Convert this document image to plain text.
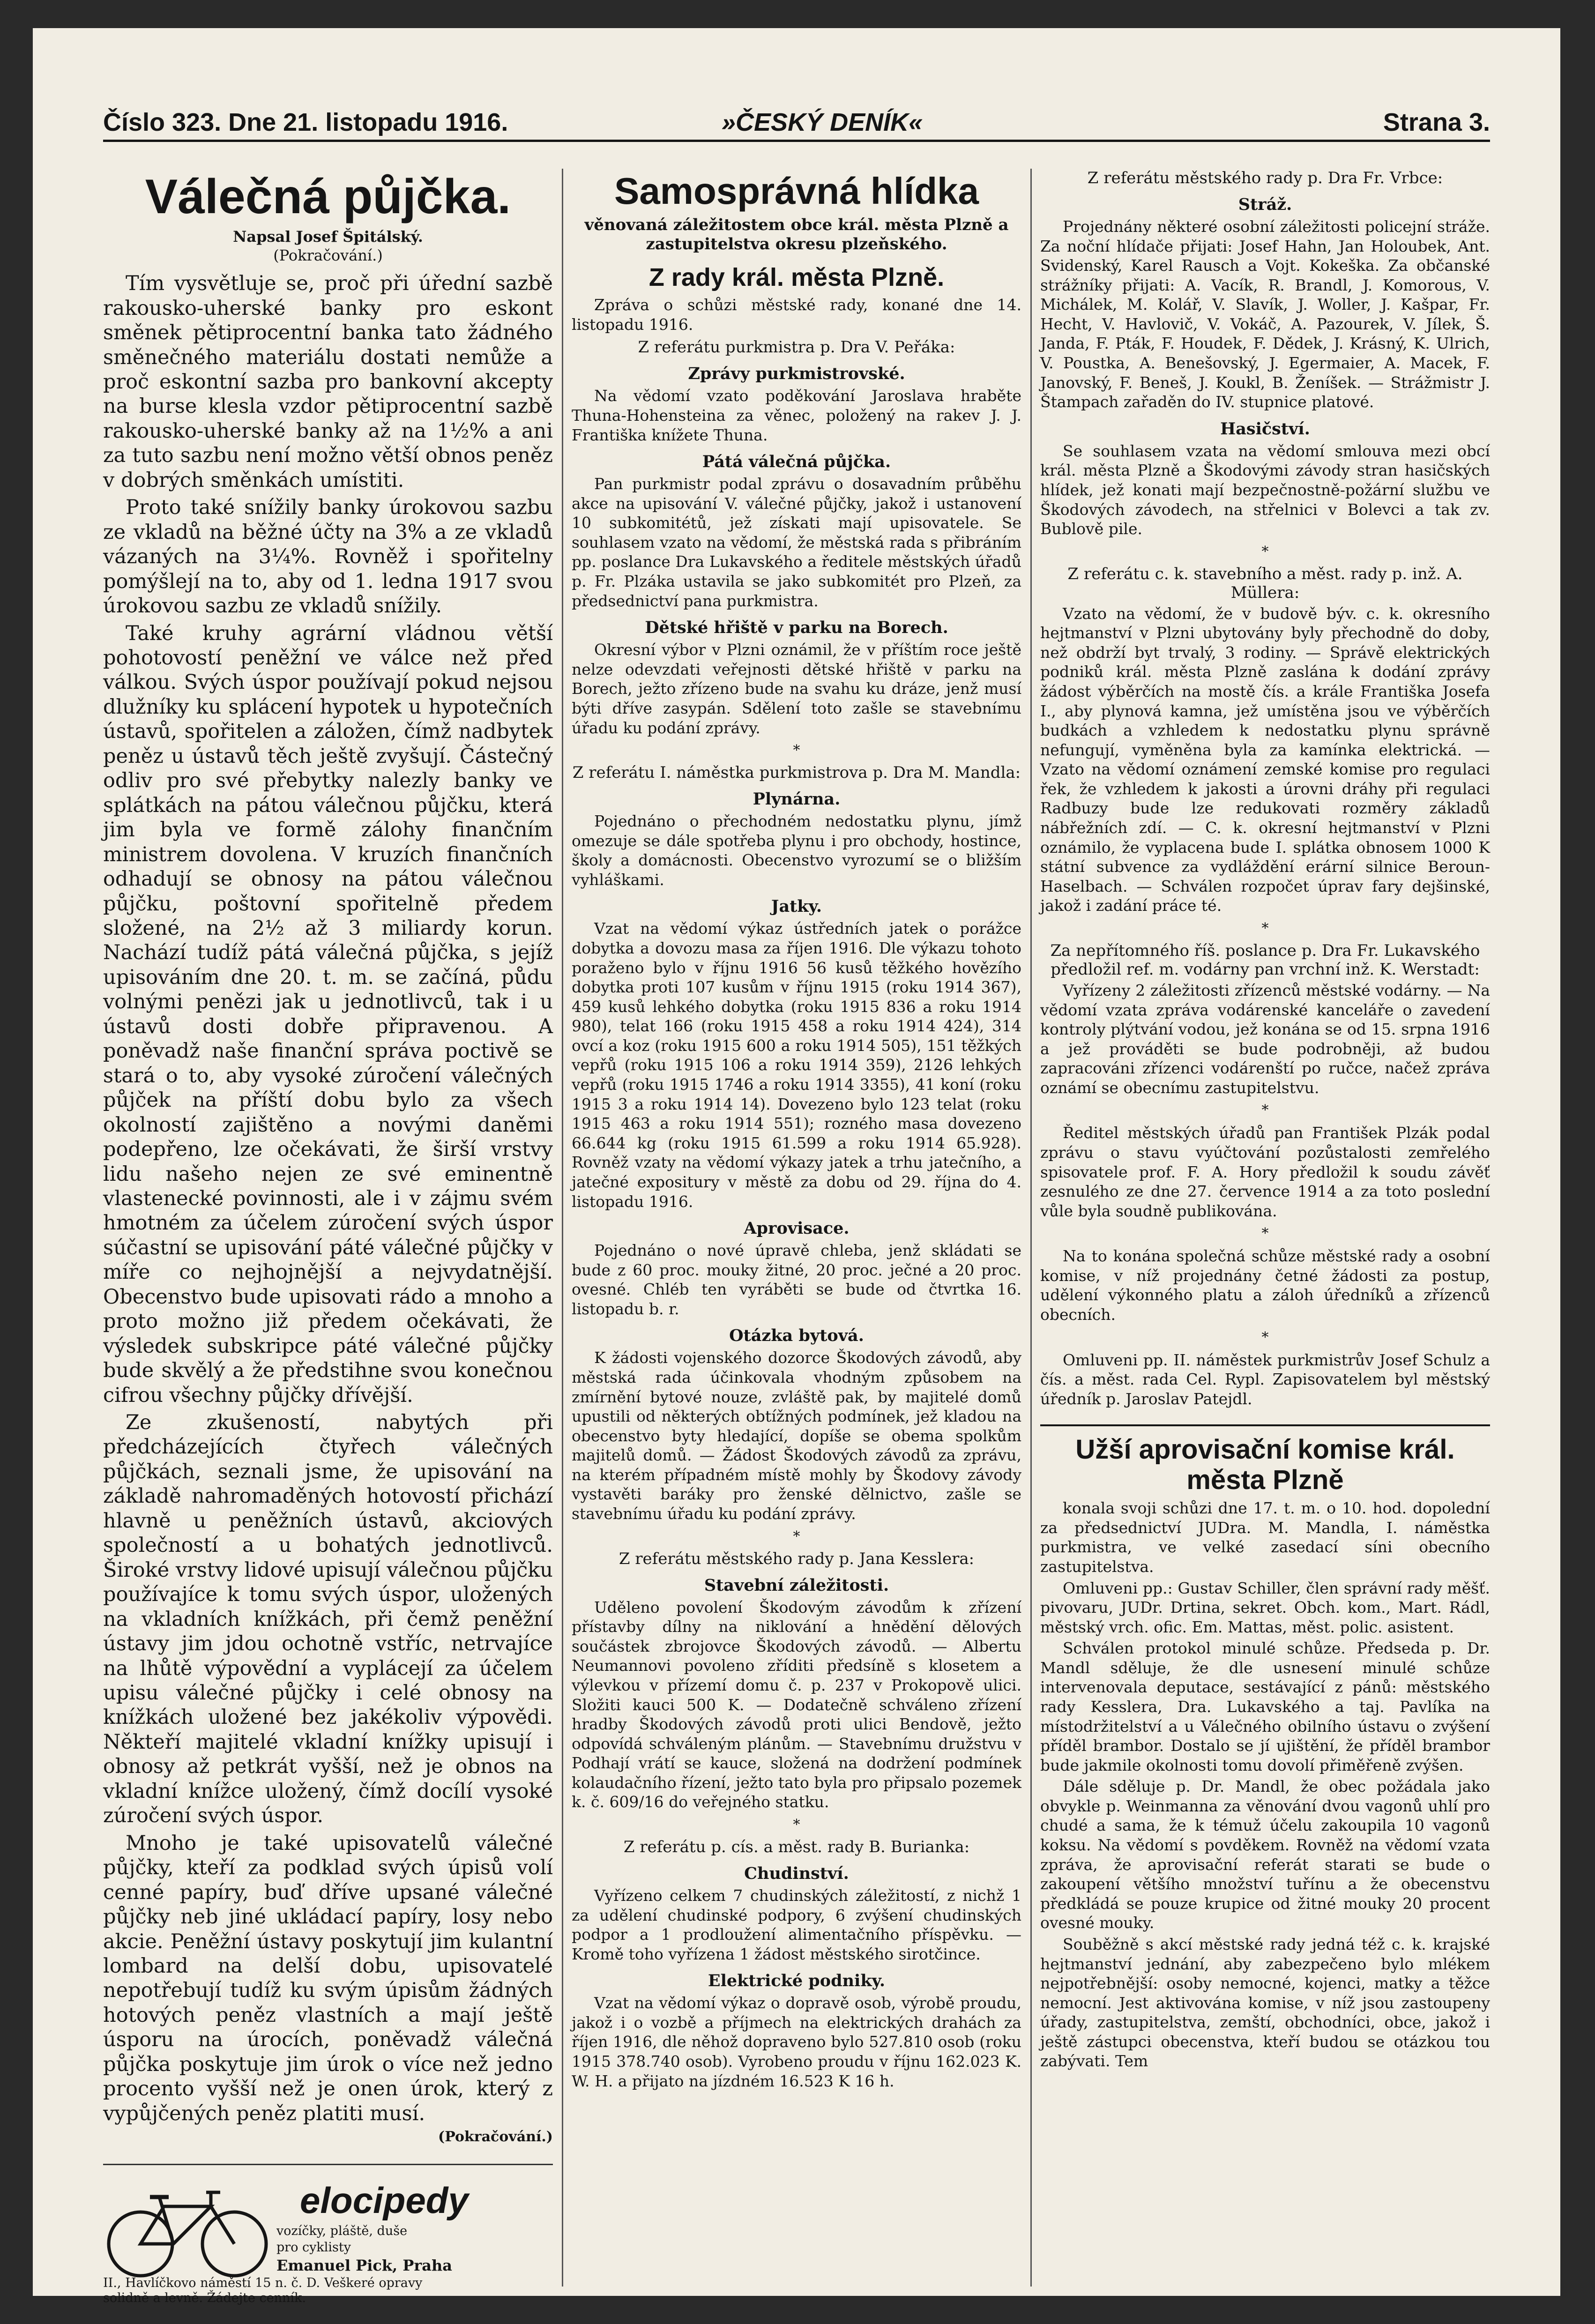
Číslo 323. Dne 21. listopadu 1916.	»ČESKÝ DENÍK«	Strana 3.
Válečná půjčka.
Napsal Josef Špitálský.
(Pokračování.)

Tím vysvětluje se, proč při úřední sazbě rakousko-uherské banky pro eskont směnek pětiprocentní banka tato žádného směnečného materiálu dostati nemůže a proč eskontní sazba pro bankovní akcepty na burse klesla vzdor pětiprocentní sazbě rakousko-uherské banky až na 1½% a ani za tuto sazbu není možno větší obnos peněz v dobrých směnkách umístiti.

Proto také snížily banky úrokovou sazbu ze vkladů na běžné účty na 3% a ze vkladů vázaných na 3¼%. Rovněž i spořitelny pomýšlejí na to, aby od 1. ledna 1917 svou úrokovou sazbu ze vkladů snížily.

Také kruhy agrární vládnou větší pohotovostí peněžní ve válce než před válkou. Svých úspor používají pokud nejsou dlužníky ku splácení hypotek u hypotečních ústavů, spořitelen a záložen, čímž nadbytek peněz u ústavů těch ještě zvyšují. Částečný odliv pro své přebytky nalezly banky ve splátkách na pátou válečnou půjčku, která jim byla ve formě zálohy finančním ministrem dovolena. V kruzích finančních odhadují se obnosy na pátou válečnou půjčku, poštovní spořitelně předem složené, na 2½ až 3 miliardy korun. Nachází tudíž pátá válečná půjčka, s jejíž upisováním dne 20. t. m. se začíná, půdu volnými penězi jak u jednotlivců, tak i u ústavů dosti dobře připravenou. A poněvadž naše finanční správa poctivě se stará o to, aby vysoké zúročení válečných půjček na příští dobu bylo za všech okolností zajištěno a novými daněmi podepřeno, lze očekávati, že širší vrstvy lidu našeho nejen ze své eminentně vlastenecké povinnosti, ale i v zájmu svém hmotném za účelem zúročení svých úspor súčastní se upisování páté válečné půjčky v míře co nejhojnější a nejvydatnější. Obecenstvo bude upisovati rádo a mnoho a proto možno již předem očekávati, že výsledek subskripce páté válečné půjčky bude skvělý a že předstihne svou konečnou cifrou všechny půjčky dřívější.

Ze zkušeností, nabytých při předcházejících čtyřech válečných půjčkách, seznali jsme, že upisování na základě nahromaděných hotovostí přichází hlavně u peněžních ústavů, akciových společností a u bohatých jednotlivců. Široké vrstvy lidové upisují válečnou půjčku používajíce k tomu svých úspor, uložených na vkladních knížkách, při čemž peněžní ústavy jim jdou ochotně vstříc, netrvajíce na lhůtě výpovědní a vyplácejí za účelem upisu válečné půjčky i celé obnosy na knížkách uložené bez jakékoliv výpovědi. Někteří majitelé vkladní knížky upisují i obnosy až petkrát vyšší, než je obnos na vkladní knížce uložený, čímž docílí vysoké zúročení svých úspor.

Mnoho je také upisovatelů válečné půjčky, kteří za podklad svých úpisů volí cenné papíry, buď dříve upsané válečné půjčky neb jiné ukládací papíry, losy nebo akcie. Peněžní ústavy poskytují jim kulantní lombard na delší dobu, upisovatelé nepotřebují tudíž ku svým úpisům žádných hotových peněz vlastních a mají ještě úsporu na úrocích, poněvadž válečná půjčka poskytuje jim úrok o více než jedno procento vyšší než je onen úrok, který z vypůjčených peněz platiti musí.

(Pokračování.)
elocipedy
vozíčky, pláště, duše
pro cyklisty
Emanuel Pick, Praha
II., Havlíčkovo náměstí 15 n. č. D. Veškeré opravy
solidně a levně. Žádejte cenník.
Samosprávná hlídka
věnovaná záležitostem obce král. města Plzně a zastupitelstva okresu plzeňského.
Z rady král. města Plzně.

Zpráva o schůzi městské rady, konané dne 14. listopadu 1916.

Z referátu purkmistra p. Dra V. Peřáka:
Zprávy purkmistrovské.

Na vědomí vzato poděkování Jaroslava hraběte Thuna-Hohensteina za věnec, položený na rakev J. J. Františka knížete Thuna.

Pátá válečná půjčka.

Pan purkmistr podal zprávu o dosavadním průběhu akce na upisování V. válečné půjčky, jakož i ustanovení 10 subkomitétů, jež získati mají upisovatele. Se souhlasem vzato na vědomí, že městská rada s přibráním pp. poslance Dra Lukavského a ředitele městských úřadů p. Fr. Plzáka ustavila se jako subkomitét pro Plzeň, za předsednictví pana purkmistra.

Dětské hřiště v parku na Borech.

Okresní výbor v Plzni oznámil, že v příštím roce ještě nelze odevzdati veřejnosti dětské hřiště v parku na Borech, ježto zřízeno bude na svahu ku dráze, jenž musí býti dříve zasypán. Sdělení toto zašle se stavebnímu úřadu ku podání zprávy.

*
Z referátu I. náměstka purkmistrova p. Dra M. Mandla:
Plynárna.

Pojednáno o přechodném nedostatku plynu, jímž omezuje se dále spotřeba plynu i pro obchody, hostince, školy a domácnosti. Obecenstvo vyrozumí se o bližším vyhláškami.

Jatky.

Vzat na vědomí výkaz ústředních jatek o porážce dobytka a dovozu masa za říjen 1916. Dle výkazu tohoto poraženo bylo v říjnu 1916 56 kusů těžkého hovězího dobytka proti 107 kusům v říjnu 1915 (roku 1914 367), 459 kusů lehkého dobytka (roku 1915 836 a roku 1914 980), telat 166 (roku 1915 458 a roku 1914 424), 314 ovcí a koz (roku 1915 600 a roku 1914 505), 151 těžkých vepřů (roku 1915 106 a roku 1914 359), 2126 lehkých vepřů (roku 1915 1746 a roku 1914 3355), 41 koní (roku 1915 3 a roku 1914 14). Dovezeno bylo 123 telat (roku 1915 463 a roku 1914 551); rozného masa dovezeno 66.644 kg (roku 1915 61.599 a roku 1914 65.928). Rovněž vzaty na vědomí výkazy jatek a trhu jatečního, a jatečné expositury v městě za dobu od 29. října do 4. listopadu 1916.

Aprovisace.

Pojednáno o nové úpravě chleba, jenž skládati se bude z 60 proc. mouky žitné, 20 proc. ječné a 20 proc. ovesné. Chléb ten vyráběti se bude od čtvrtka 16. listopadu b. r.

Otázka bytová.

K žádosti vojenského dozorce Škodových závodů, aby městská rada účinkovala vhodným způsobem na zmírnění bytové nouze, zvláště pak, by majitelé domů upustili od některých obtížných podmínek, jež kladou na obecenstvo byty hledající, dopíše se obema spolkům majitelů domů. — Žádost Škodových závodů za zprávu, na kterém případném místě mohly by Škodovy závody vystavěti baráky pro ženské dělnictvo, zašle se stavebnímu úřadu ku podání zprávy.

*
Z referátu městského rady p. Jana Kesslera:
Stavební záležitosti.

Uděleno povolení Škodovým závodům k zřízení přístavby dílny na niklování a hnědění dělových součástek zbrojovce Škodových závodů. — Albertu Neumannovi povoleno zříditi předsíně s klosetem a výlevkou v přízemí domu č. p. 237 v Prokopově ulici. Složiti kauci 500 K. — Dodatečně schváleno zřízení hradby Škodových závodů proti ulici Bendově, ježto odpovídá schváleným plánům. — Stavebnímu družstvu v Podhají vrátí se kauce, složená na dodržení podmínek kolaudačního řízení, ježto tato byla pro připsalo pozemek k. č. 609/16 do veřejného statku.

*
Z referátu p. cís. a měst. rady B. Burianka:
Chudinství.

Vyřízeno celkem 7 chudinských záležitostí, z nichž 1 za udělení chudinské podpory, 6 zvýšení chudinských podpor a 1 prodloužení alimentačního příspěvku. — Kromě toho vyřízena 1 žádost městského sirotčince.

Elektrické podniky.

Vzat na vědomí výkaz o dopravě osob, výrobě proudu, jakož i o vozbě a příjmech na elektrických drahách za říjen 1916, dle něhož dopraveno bylo 527.810 osob (roku 1915 378.740 osob). Vyrobeno proudu v říjnu 162.023 K. W. H. a přijato na jízdném 16.523 K 16 h.

Z referátu městského rady p. Dra Fr. Vrbce:
Stráž.

Projednány některé osobní záležitosti policejní stráže. Za noční hlídače přijati: Josef Hahn, Jan Holoubek, Ant. Svidenský, Karel Rausch a Vojt. Kokeška. Za občanské strážníky přijati: A. Vacík, R. Brandl, J. Komorous, V. Michálek, M. Kolář, V. Slavík, J. Woller, J. Kašpar, Fr. Hecht, V. Havlovič, V. Vokáč, A. Pazourek, V. Jílek, Š. Janda, F. Pták, F. Houdek, F. Dědek, J. Krásný, K. Ulrich, V. Poustka, A. Benešovský, J. Egermaier, A. Macek, F. Janovský, F. Beneš, J. Koukl, B. Ženíšek. — Strážmistr J. Štampach zařaděn do IV. stupnice platové.

Hasičství.

Se souhlasem vzata na vědomí smlouva mezi obcí král. města Plzně a Škodovými závody stran hasičských hlídek, jež konati mají bezpečnostně-požární službu ve Škodových závodech, na střelnici v Bolevci a tak zv. Bublově pile.

*
Z referátu c. k. stavebního a měst. rady p. inž. A. Müllera:

Vzato na vědomí, že v budově býv. c. k. okresního hejtmanství v Plzni ubytovány byly přechodně do doby, než obdrží byt trvalý, 3 rodiny. — Správě elektrických podniků král. města Plzně zaslána k dodání zprávy žádost výběrčích na mostě čís. a krále Františka Josefa I., aby plynová kamna, jež umístěna jsou ve výběrčích budkách a vzhledem k nedostatku plynu správně nefungují, vyměněna byla za kamínka elektrická. — Vzato na vědomí oznámení zemské komise pro regulaci řek, že vzhledem k jakosti a úrovni dráhy při regulaci Radbuzy bude lze redukovati rozměry základů nábřežních zdí. — C. k. okresní hejtmanství v Plzni oznámilo, že vyplacena bude I. splátka obnosem 1000 K státní subvence za vydláždění erární silnice Beroun-Haselbach. — Schválen rozpočet úprav fary dejšinské, jakož i zadání práce té.

*
Za nepřítomného říš. poslance p. Dra Fr. Lukavského předložil ref. m. vodárny pan vrchní inž. K. Werstadt:

Vyřízeny 2 záležitosti zřízenců městské vodárny. — Na vědomí vzata zpráva vodárenské kanceláře o zavedení kontroly plýtvání vodou, jež konána se od 15. srpna 1916 a jež prováděti se bude podrobněji, až budou zapracováni zřízenci vodárenští po ručce, načež zpráva oznámí se obecnímu zastupitelstvu.

*

Ředitel městských úřadů pan František Plzák podal zprávu o stavu vyúčtování pozůstalosti zemřelého spisovatele prof. F. A. Hory předložil k soudu závěť zesnulého ze dne 27. července 1914 a za toto poslední vůle byla soudně publikována.

*

Na to konána společná schůze městské rady a osobní komise, v níž projednány četné žádosti za postup, udělení výkonného platu a záloh úředníků a zřízenců obecních.

*

Omluveni pp. II. náměstek purkmistrův Josef Schulz a čís. a měst. rada Cel. Rypl. Zapisovatelem byl městský úředník p. Jaroslav Patejdl.

Užší aprovisační komise král. města Plzně

konala svoji schůzi dne 17. t. m. o 10. hod. dopolední za předsednictví JUDra. M. Mandla, I. náměstka purkmistra, ve velké zasedací síni obecního zastupitelstva.

Omluveni pp.: Gustav Schiller, člen správní rady měšť. pivovaru, JUDr. Drtina, sekret. Obch. kom., Mart. Rádl, městský vrch. ofic. Em. Mattas, měst. polic. asistent.

Schválen protokol minulé schůze. Předseda p. Dr. Mandl sděluje, že dle usnesení minulé schůze intervenovala deputace, sestávající z pánů: městského rady Kesslera, Dra. Lukavského a taj. Pavlíka na místodržitelství a u Válečného obilního ústavu o zvýšení příděl brambor. Dostalo se jí ujištění, že příděl brambor bude jakmile okolnosti tomu dovolí přiměřeně zvýšen.

Dále sděluje p. Dr. Mandl, že obec požádala jako obvykle p. Weinmanna za věnování dvou vagonů uhlí pro chudé a sama, že k témuž účelu zakoupila 10 vagonů koksu. Na vědomí s povděkem. Rovněž na vědomí vzata zpráva, že aprovisační referát starati se bude o zakoupení většího množství tuřínu a že obecenstvu předkládá se pouze krupice od žitné mouky 20 procent ovesné mouky.

Souběžně s akcí městské rady jedná též c. k. krajské hejtmanství jednání, aby zabezpečeno bylo mlékem nejpotřebnější: osoby nemocné, kojenci, matky a těžce nemocní. Jest aktivována komise, v níž jsou zastoupeny úřady, zastupitelstva, zemští, obchodníci, obce, jakož i ještě zástupci obecenstva, kteří budou se otázkou tou zabývati. Tem
